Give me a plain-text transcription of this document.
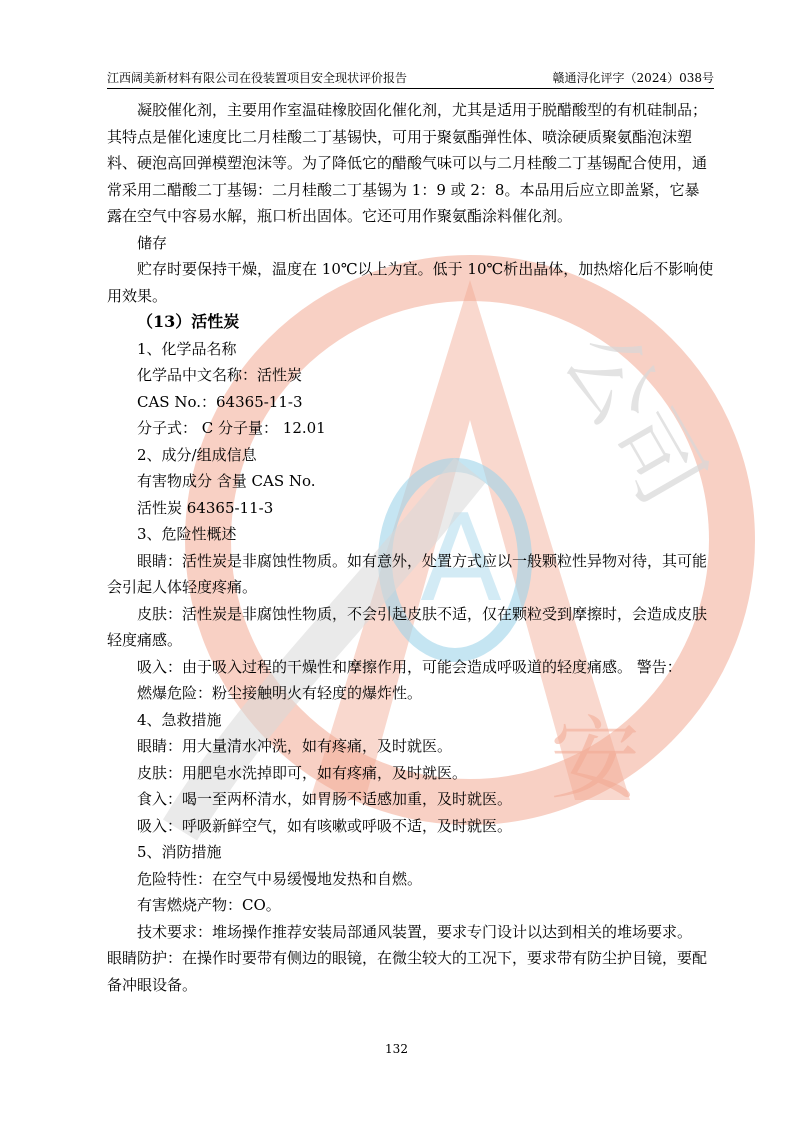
江西阔美新材料有限公司在役装置项目安全现状评价报告	赣通浔化评字（2024）038号
A
公司
安

凝胶催化剂，主要用作室温硅橡胶固化催化剂，尤其是适用于脱醋酸型的有机硅制品；其特点是催化速度比二月桂酸二丁基锡快，可用于聚氨酯弹性体、喷涂硬质聚氨酯泡沫塑料、硬泡高回弹模塑泡沫等。为了降低它的醋酸气味可以与二月桂酸二丁基锡配合使用，通常采用二醋酸二丁基锡：二月桂酸二丁基锡为 1：9 或 2：8。本品用后应立即盖紧，它暴露在空气中容易水解，瓶口析出固体。它还可用作聚氨酯涂料催化剂。

储存

贮存时要保持干燥，温度在 10℃以上为宜。低于 10℃析出晶体，加热熔化后不影响使用效果。

（13）活性炭

1、化学品名称

化学品中文名称：活性炭

CAS No.：64365-11-3

分子式： C 分子量： 12.01

2、成分/组成信息

有害物成分 含量 CAS No.

活性炭 64365-11-3

3、危险性概述

眼睛：活性炭是非腐蚀性物质。如有意外，处置方式应以一般颗粒性异物对待，其可能会引起人体轻度疼痛。

皮肤：活性炭是非腐蚀性物质，不会引起皮肤不适，仅在颗粒受到摩擦时，会造成皮肤轻度痛感。

吸入：由于吸入过程的干燥性和摩擦作用，可能会造成呼吸道的轻度痛感。 警告：

燃爆危险：粉尘接触明火有轻度的爆炸性。

4、急救措施

眼睛：用大量清水冲洗，如有疼痛，及时就医。

皮肤：用肥皂水洗掉即可，如有疼痛，及时就医。

食入：喝一至两杯清水，如胃肠不适感加重，及时就医。

吸入：呼吸新鲜空气，如有咳嗽或呼吸不适，及时就医。

5、消防措施

危险特性：在空气中易缓慢地发热和自燃。

有害燃烧产物：CO。

技术要求：堆场操作推荐安装局部通风装置，要求专门设计以达到相关的堆场要求。

眼睛防护：在操作时要带有侧边的眼镜，在微尘较大的工况下，要求带有防尘护目镜，要配备冲眼设备。

132
